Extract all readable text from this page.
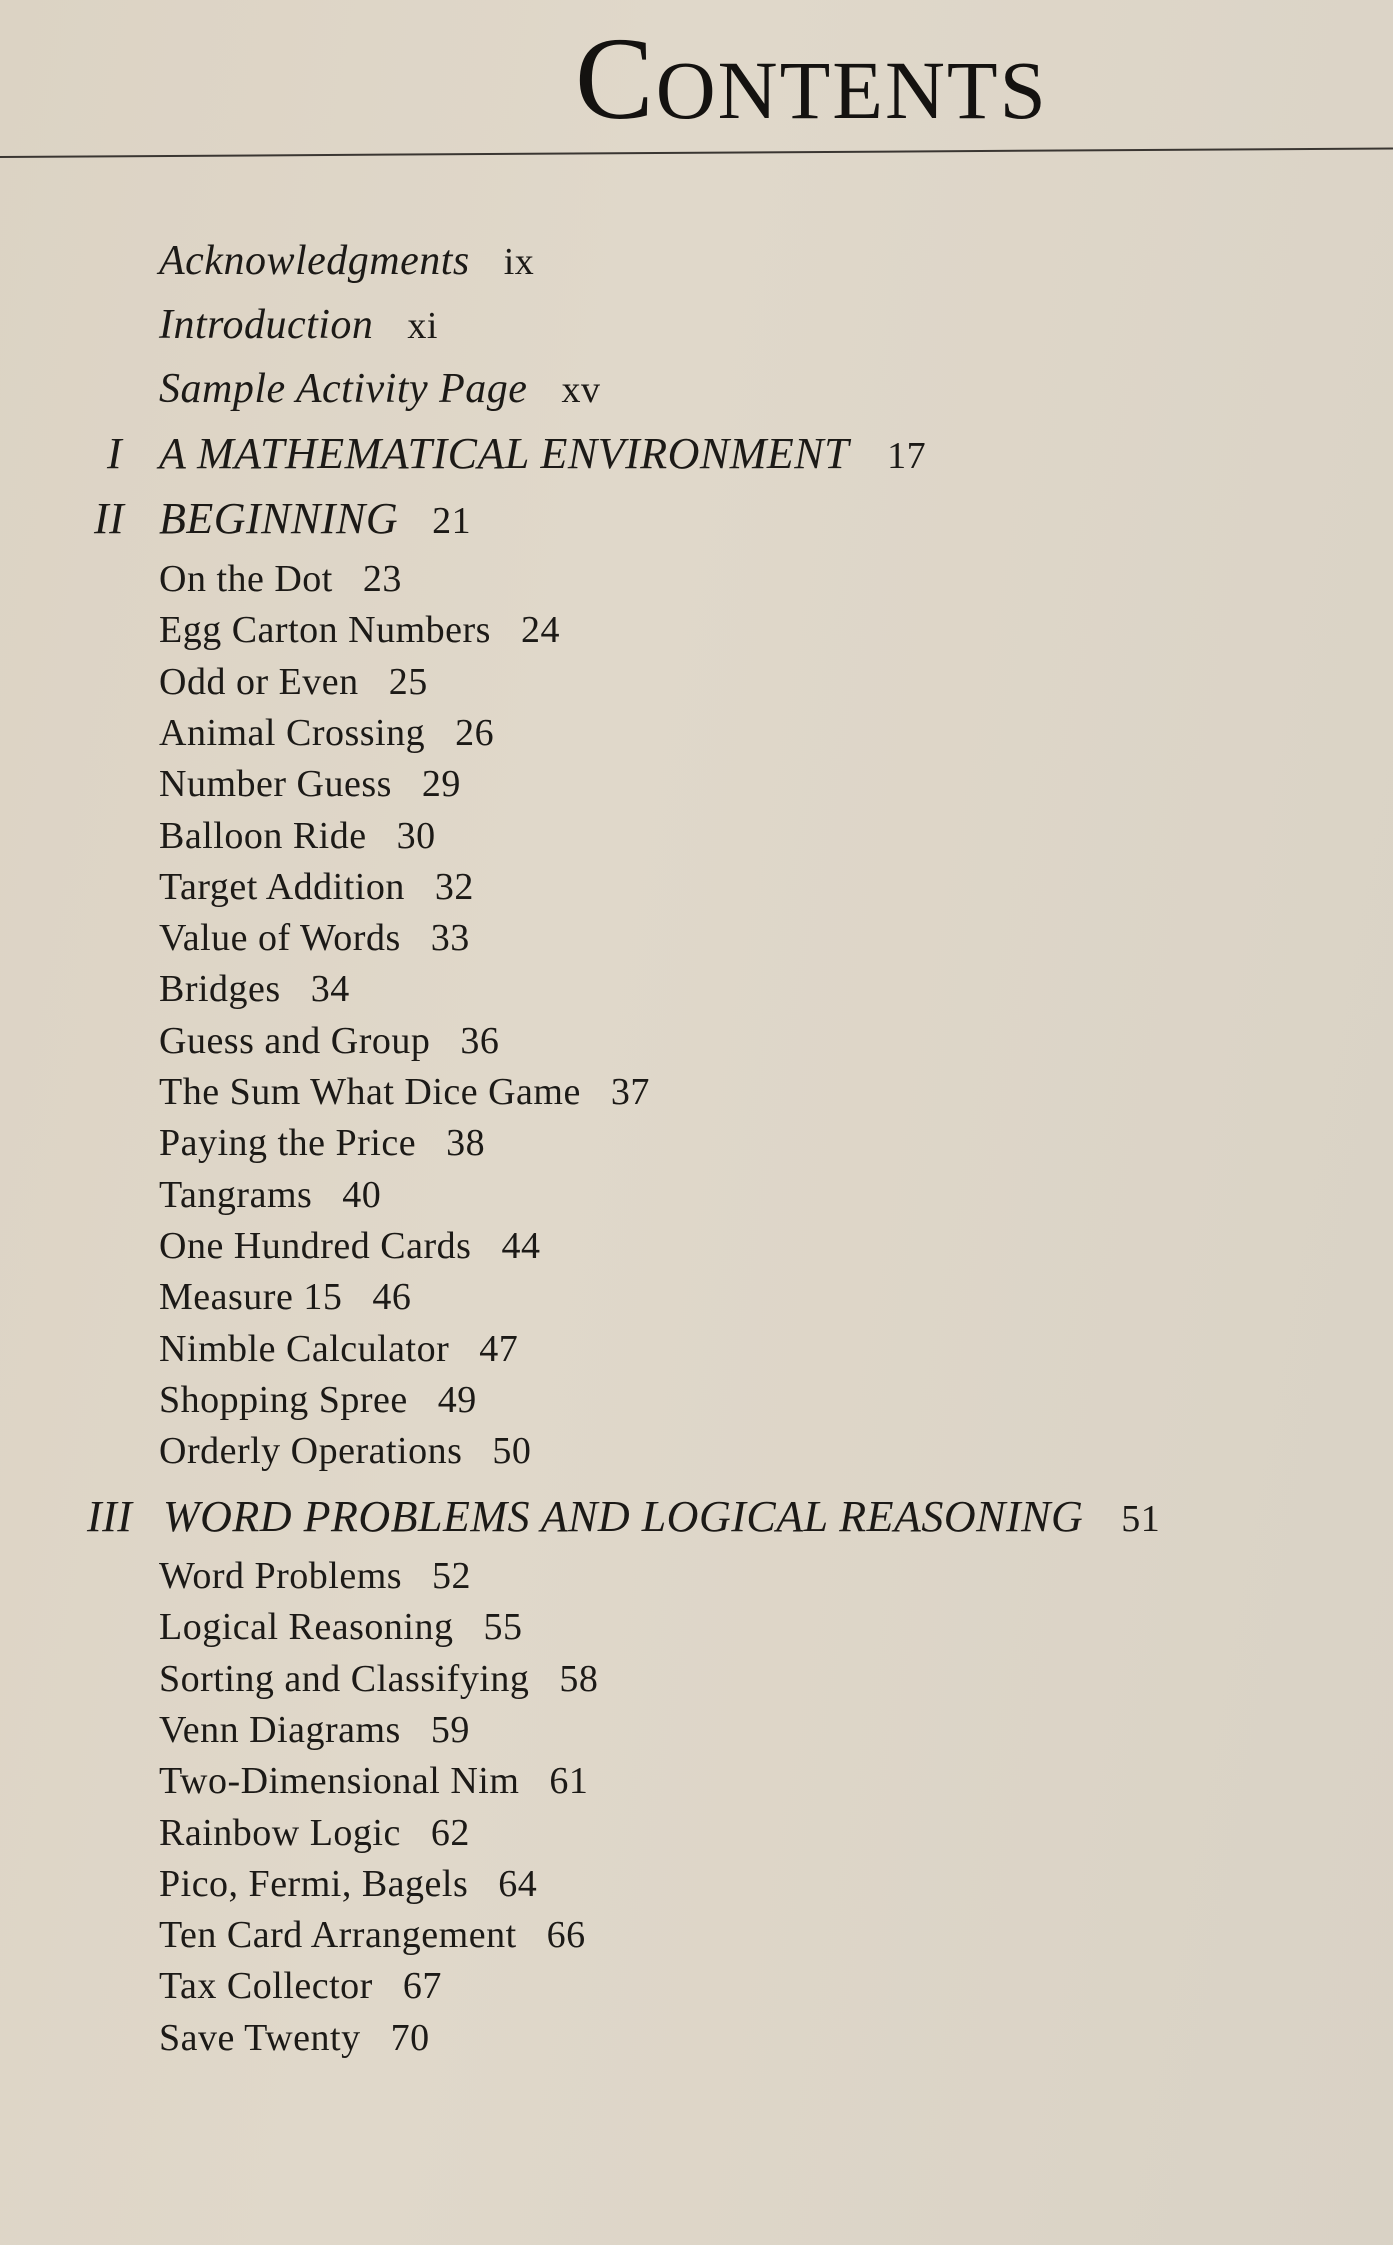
Contents
Acknowledgments ix
Introduction xi
Sample Activity Page xv
I A MATHEMATICAL ENVIRONMENT 17
II BEGINNING 21
On the Dot 23
Egg Carton Numbers 24
Odd or Even 25
Animal Crossing 26
Number Guess 29
Balloon Ride 30
Target Addition 32
Value of Words 33
Bridges 34
Guess and Group 36
The Sum What Dice Game 37
Paying the Price 38
Tangrams 40
One Hundred Cards 44
Measure 15 46
Nimble Calculator 47
Shopping Spree 49
Orderly Operations 50
III WORD PROBLEMS AND LOGICAL REASONING 51
Word Problems 52
Logical Reasoning 55
Sorting and Classifying 58
Venn Diagrams 59
Two-Dimensional Nim 61
Rainbow Logic 62
Pico, Fermi, Bagels 64
Ten Card Arrangement 66
Tax Collector 67
Save Twenty 70
